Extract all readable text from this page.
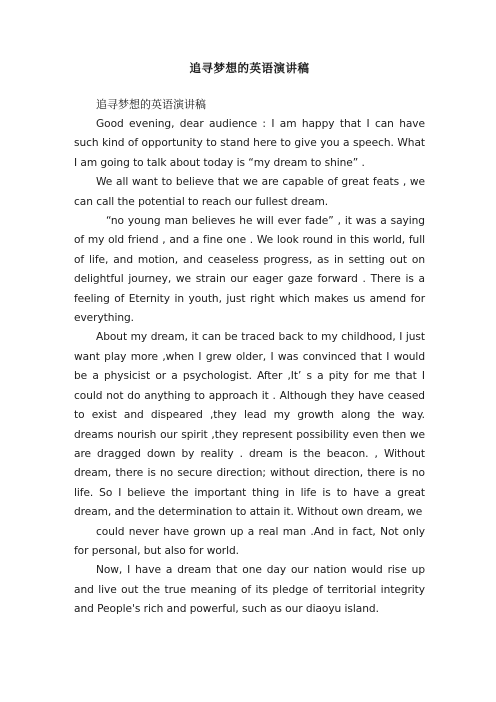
追寻梦想的英语演讲稿
追寻梦想的英语演讲稿

Good evening, dear audience : I am happy that I can have such kind of opportunity to stand here to give you a speech. What I am going to talk about today is “my dream to shine” .

We all want to believe that we are capable of great feats , we can call the potential to reach our fullest dream.

“no young man believes he will ever fade” , it was a saying of my old friend , and a fine one . We look round in this world, full of life, and motion, and ceaseless progress, as in setting out on delightful journey, we strain our eager gaze forward . There is a feeling of Eternity in youth, just right which makes us amend for everything.

About my dream, it can be traced back to my childhood, I just want play more ,when I grew older, I was convinced that I would be a physicist or a psychologist. After ,It’ s a pity for me that I could not do anything to approach it . Although they have ceased to exist and dispeared ,they lead my growth along the way. dreams nourish our spirit ,they represent possibility even then we are dragged down by reality . dream is the beacon. , Without dream, there is no secure direction; without direction, there is no life. So I believe the important thing in life is to have a great dream, and the determination to attain it. Without own dream, we

could never have grown up a real man .And in fact, Not only for personal, but also for world.

Now, I have a dream that one day our nation would rise up and live out the true meaning of its pledge of territorial integrity and People's rich and powerful, such as our diaoyu island.
